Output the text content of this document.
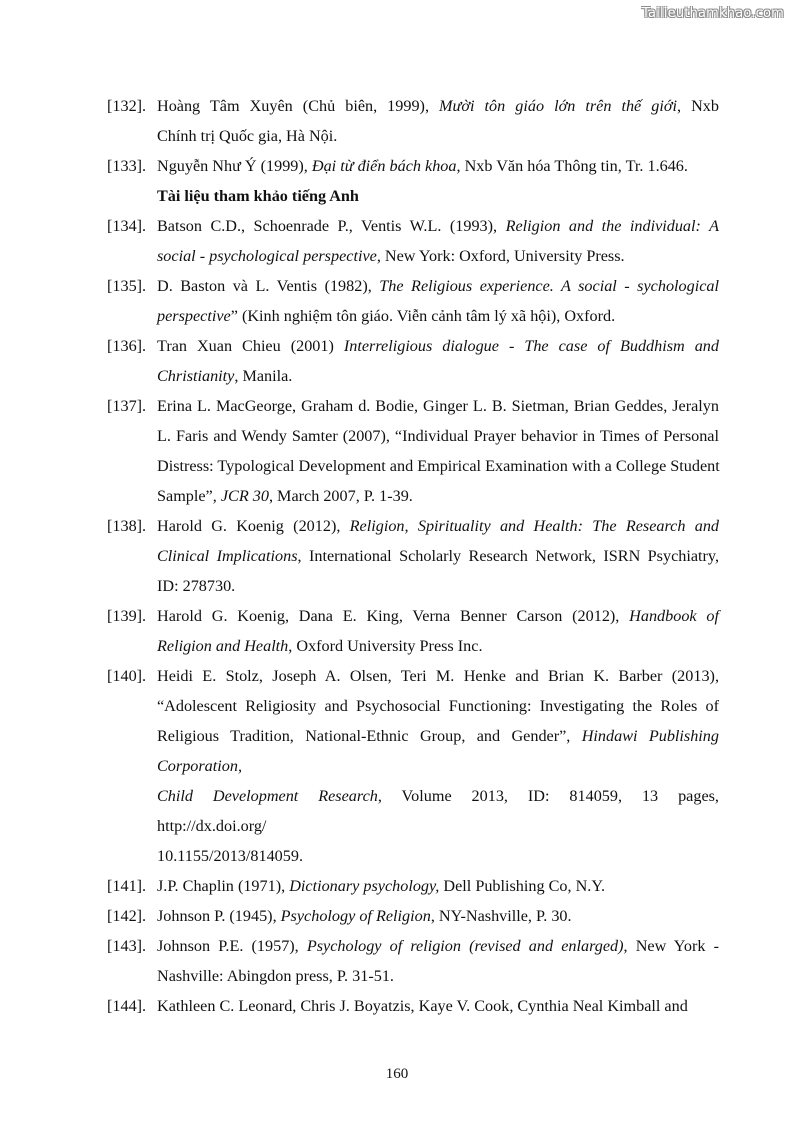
Tailieuthamkhao.com
[132]. Hoàng Tâm Xuyên (Chủ biên, 1999), Mười tôn giáo lớn trên thế giới, Nxb
Chính trị Quốc gia, Hà Nội.
[133]. Nguyễn Như Ý (1999), Đại từ điển bách khoa, Nxb Văn hóa Thông tin, Tr. 1.646.
Tài liệu tham khảo tiếng Anh
[134]. Batson C.D., Schoenrade P., Ventis W.L. (1993), Religion and the individual: A
social - psychological perspective, New York: Oxford, University Press.
[135]. D. Baston và L. Ventis (1982), The Religious experience. A social - sychological
perspective” (Kinh nghiệm tôn giáo. Viễn cảnh tâm lý xã hội), Oxford.
[136]. Tran Xuan Chieu (2001) Interreligious dialogue - The case of Buddhism and
Christianity, Manila.
[137]. Erina L. MacGeorge, Graham d. Bodie, Ginger L. B. Sietman, Brian Geddes, Jeralyn
L. Faris and Wendy Samter (2007), “Individual Prayer behavior in Times of Personal
Distress: Typological Development and Empirical Examination with a College Student
Sample”, JCR 30, March 2007, P. 1-39.
[138]. Harold G. Koenig (2012), Religion, Spirituality and Health: The Research and
Clinical Implications, International Scholarly Research Network, ISRN Psychiatry,
ID: 278730.
[139]. Harold G. Koenig, Dana E. King, Verna Benner Carson (2012), Handbook of
Religion and Health, Oxford University Press Inc.
[140]. Heidi E. Stolz, Joseph A. Olsen, Teri M. Henke and Brian K. Barber (2013),
“Adolescent Religiosity and Psychosocial Functioning: Investigating the Roles of
Religious Tradition, National-Ethnic Group, and Gender”, Hindawi Publishing
Corporation,
Child Development Research, Volume 2013, ID: 814059, 13 pages,
http://dx.doi.org/
10.1155/2013/814059.
[141]. J.P. Chaplin (1971), Dictionary psychology, Dell Publishing Co, N.Y.
[142]. Johnson P. (1945), Psychology of Religion, NY-Nashville, P. 30.
[143]. Johnson P.E. (1957), Psychology of religion (revised and enlarged), New York -
Nashville: Abingdon press, P. 31-51.
[144]. Kathleen C. Leonard, Chris J. Boyatzis, Kaye V. Cook, Cynthia Neal Kimball and
160
